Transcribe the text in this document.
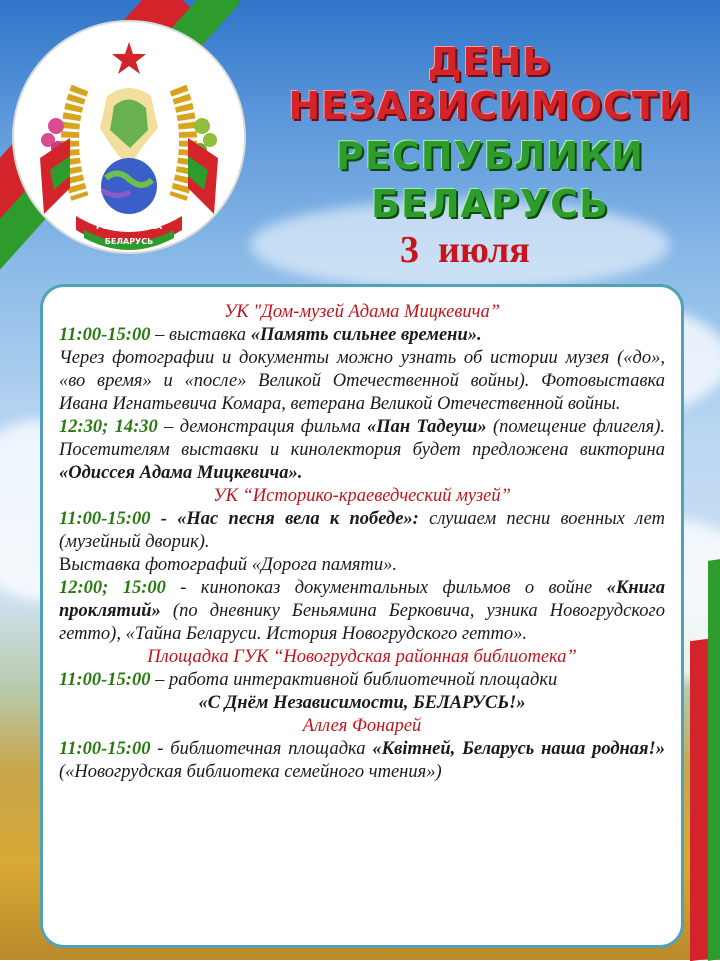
РЭСПУБЛІКА
БЕЛАРУСЬ
ДЕНЬ
НЕЗАВИСИМОСТИ
РЕСПУБЛИКИ
БЕЛАРУСЬ
3 июля

УК "Дом-музей Адама Мицкевича”

11:00-15:00 – выставка «Память сильнее времени».

Через фотографии и документы можно узнать об истории музея («до», «во время» и «после» Великой Отечественной войны). Фотовыставка Ивана Игнатьевича Комара, ветерана Великой Отечественной войны.

12:30; 14:30 – демонстрация фильма «Пан Тадеуш» (помещение флигеля). Посетителям выставки и кинолектория будет предложена викторина «Одиссея Адама Мицкевича».

УК “Историко-краеведческий музей”

11:00-15:00 - «Нас песня вела к победе»: слушаем песни военных лет (музейный дворик).

Выставка фотографий «Дорога памяти».

12:00; 15:00 - кинопоказ документальных фильмов о войне «Книга проклятий» (по дневнику Беньямина Берковича, узника Новогрудского гетто), «Тайна Беларуси. История Новогрудского гетто».

Площадка ГУК “Новогрудская районная библиотека”

11:00-15:00 – работа интерактивной библиотечной площадки

«С Днём Независимости, БЕЛАРУСЬ!»

Аллея Фонарей

11:00-15:00 - библиотечная площадка «Квітней, Беларусь наша родная!» («Новогрудская библиотека семейного чтения»)
